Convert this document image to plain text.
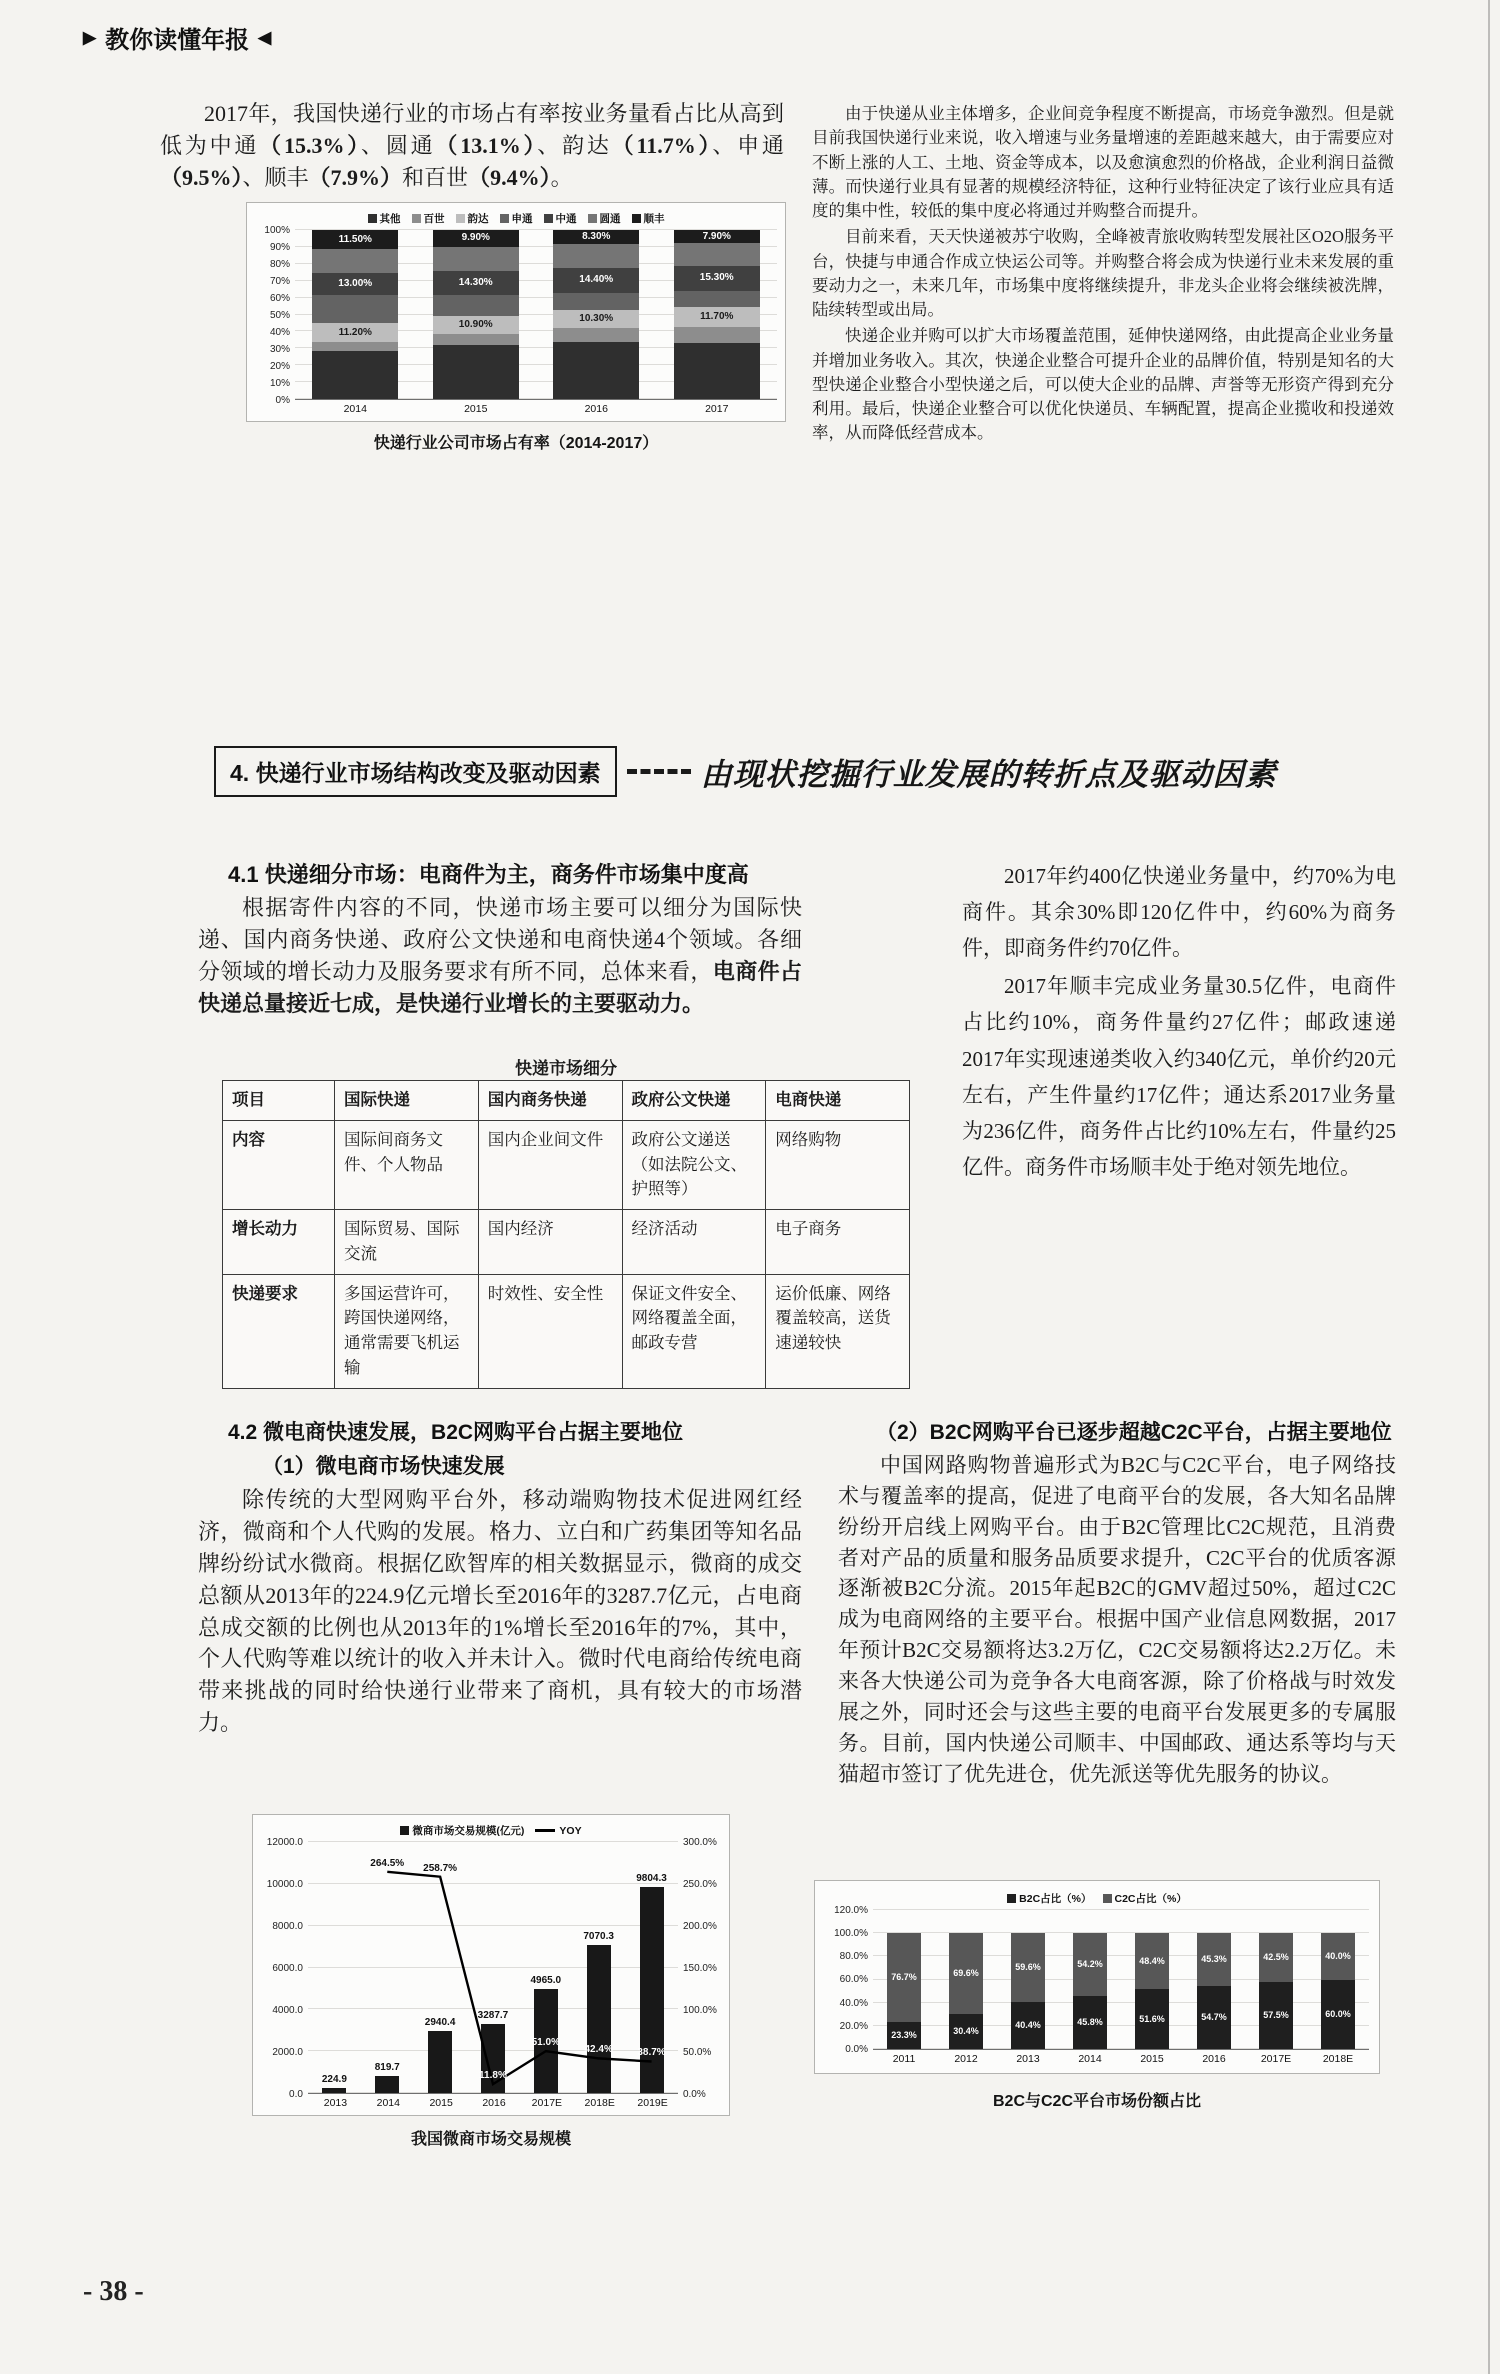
▶ 教你读懂年报 ◀

2017年，我国快递行业的市场占有率按业务量看占比从高到低为中通（15.3%）、圆通（13.1%）、韵达（11.7%）、申通（9.5%）、顺丰（7.9%）和百世（9.4%）。

其他 百世 韵达 申通 中通 圆通 顺丰
100%
90%
80%
70%
60%
50%
40%
30%
20%
10%
0%
11.20%
13.00%
11.50%
10.90%
14.30%
9.90%
10.30%
14.40%
8.30%
11.70%
15.30%
7.90%
2014	2015	2016	2017
快递行业公司市场占有率（2014-2017）

由于快递从业主体增多，企业间竞争程度不断提高，市场竞争激烈。但是就目前我国快递行业来说，收入增速与业务量增速的差距越来越大，由于需要应对不断上涨的人工、土地、资金等成本，以及愈演愈烈的价格战，企业利润日益微薄。而快递行业具有显著的规模经济特征，这种行业特征决定了该行业应具有适度的集中性，较低的集中度必将通过并购整合而提升。

目前来看，天天快递被苏宁收购，全峰被青旅收购转型发展社区O2O服务平台，快捷与申通合作成立快运公司等。并购整合将会成为快递行业未来发展的重要动力之一，未来几年，市场集中度将继续提升，非龙头企业将会继续被洗牌，陆续转型或出局。

快递企业并购可以扩大市场覆盖范围，延伸快递网络，由此提高企业业务量并增加业务收入。其次，快递企业整合可提升企业的品牌价值，特别是知名的大型快递企业整合小型快递之后，可以使大企业的品牌、声誉等无形资产得到充分利用。最后，快递企业整合可以优化快递员、车辆配置，提高企业揽收和投递效率，从而降低经营成本。

4. 快递行业市场结构改变及驱动因素	由现状挖掘行业发展的转折点及驱动因素
4.1 快递细分市场：电商件为主，商务件市场集中度高

根据寄件内容的不同，快递市场主要可以细分为国际快递、国内商务快递、政府公文快递和电商快递4个领域。各细分领域的增长动力及服务要求有所不同，总体来看，电商件占快递总量接近七成，是快递行业增长的主要驱动力。

快递市场细分
项目	国际快递	国内商务快递	政府公文快递	电商快递
内容	国际间商务文件、个人物品	国内企业间文件	政府公文递送（如法院公文、护照等）	网络购物
增长动力	国际贸易、国际交流	国内经济	经济活动	电子商务
快递要求	多国运营许可，跨国快递网络，通常需要飞机运输	时效性、安全性	保证文件安全、网络覆盖全面，邮政专营	运价低廉、网络覆盖较高，送货速递较快

2017年约400亿快递业务量中，约70%为电商件。其余30%即120亿件中，约60%为商务件，即商务件约70亿件。

2017年顺丰完成业务量30.5亿件，电商件占比约10%，商务件量约27亿件；邮政速递2017年实现速递类收入约340亿元，单价约20元左右，产生件量约17亿件；通达系2017业务量为236亿件，商务件占比约10%左右，件量约25亿件。商务件市场顺丰处于绝对领先地位。

4.2 微电商快速发展，B2C网购平台占据主要地位
（1）微电商市场快速发展

除传统的大型网购平台外，移动端购物技术促进网红经济，微商和个人代购的发展。格力、立白和广药集团等知名品牌纷纷试水微商。根据亿欧智库的相关数据显示，微商的成交总额从2013年的224.9亿元增长至2016年的3287.7亿元，占电商总成交额的比例也从2013年的1%增长至2016年的7%，其中，个人代购等难以统计的收入并未计入。微时代电商给传统电商带来挑战的同时给快递行业带来了商机，具有较大的市场潜力。

微商市场交易规模(亿元)	YOY
12000.0
10000.0
8000.0
6000.0
4000.0
2000.0
0.0
224.9
819.7
2940.4
3287.7
4965.0
7070.3
9804.3
264.5% 258.7%
11.8%
51.0%
42.4% 38.7%
300.0%
250.0%
200.0%
150.0%
100.0%
50.0%
0.0%
2013	2014	2015	2016	2017E	2018E	2019E
我国微商市场交易规模
（2）B2C网购平台已逐步超越C2C平台，占据主要地位

中国网路购物普遍形式为B2C与C2C平台，电子网络技术与覆盖率的提高，促进了电商平台的发展，各大知名品牌纷纷开启线上网购平台。由于B2C管理比C2C规范，且消费者对产品的质量和服务品质要求提升，C2C平台的优质客源逐渐被B2C分流。2015年起B2C的GMV超过50%，超过C2C成为电商网络的主要平台。根据中国产业信息网数据，2017年预计B2C交易额将达3.2万亿，C2C交易额将达2.2万亿。未来各大快递公司为竞争各大电商客源，除了价格战与时效发展之外，同时还会与这些主要的电商平台发展更多的专属服务。目前，国内快递公司顺丰、中国邮政、通达系等均与天猫超市签订了优先进仓，优先派送等优先服务的协议。

B2C占比（%） C2C占比（%）
120.0%
100.0%
80.0%
60.0%
40.0%
20.0%
0.0%
23.3%
76.7%
30.4%
69.6%
40.4%
59.6%
45.8%
54.2%
51.6%
48.4%
54.7%
45.3%
57.5%
42.5%
60.0%
40.0%
2011	2012	2013	2014	2015	2016	2017E	2018E
B2C与C2C平台市场份额占比
- 38 -
